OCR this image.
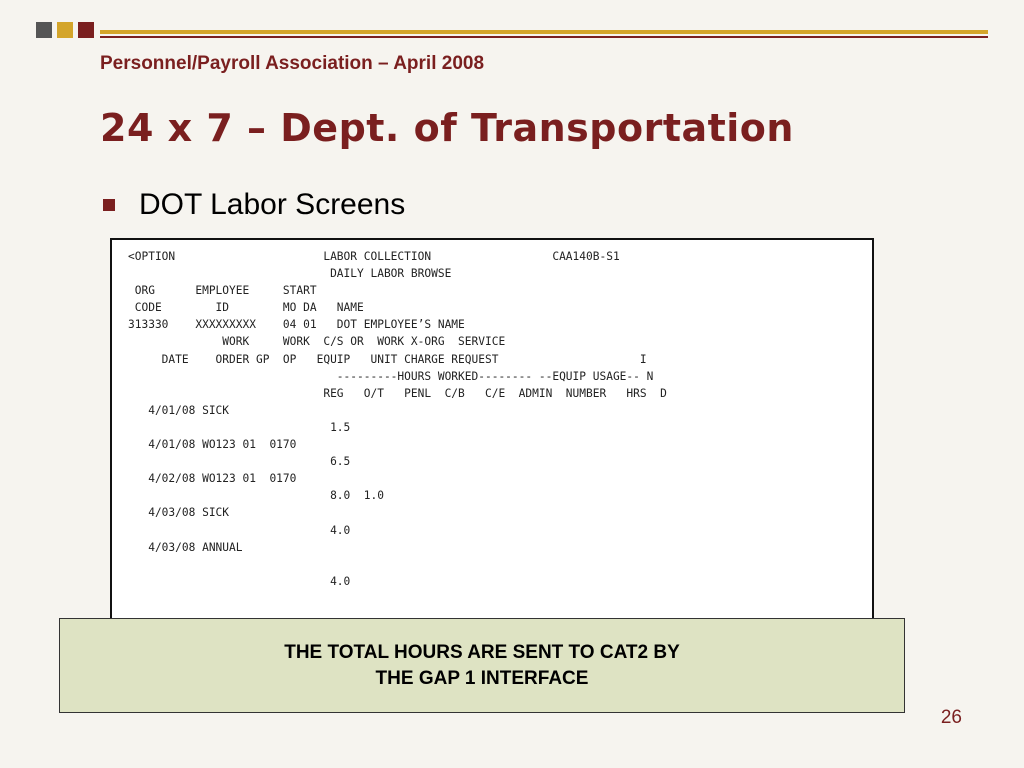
Personnel/Payroll Association – April 2008
24 x 7 – Dept. of Transportation
DOT Labor Screens
<OPTION                      LABOR COLLECTION                  CAA140B-S1
DAILY LABOR BROWSE
ORG      EMPLOYEE     START
CODE        ID        MO DA   NAME
313330    XXXXXXXXX    04 01   DOT EMPLOYEE’S NAME
WORK     WORK  C/S OR  WORK X-ORG  SERVICE
DATE    ORDER GP  OP   EQUIP   UNIT CHARGE REQUEST                     I
---------HOURS WORKED-------- --EQUIP USAGE-- N
REG   O/T   PENL  C/B   C/E  ADMIN  NUMBER   HRS  D
4/01/08 SICK
1.5
4/01/08 WO123 01  0170
6.5
4/02/08 WO123 01  0170
8.0  1.0
4/03/08 SICK
4.0
4/03/08 ANNUAL

4.0

THE TOTAL HOURS ARE SENT TO CAT2 BY
THE GAP 1 INTERFACE
26
